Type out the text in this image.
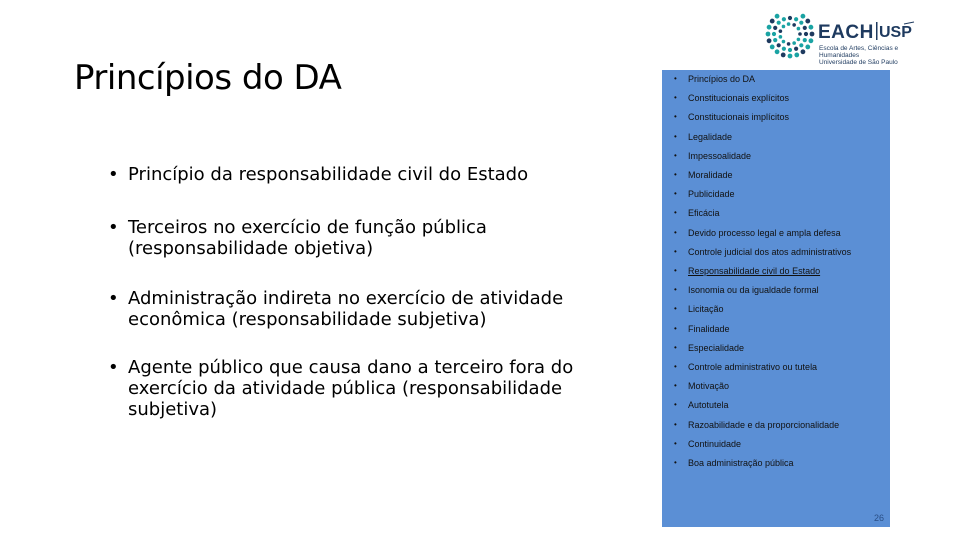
Princípios do DA
• Princípio da responsabilidade civil do Estado
• Terceiros no exercício de função pública
(responsabilidade objetiva)
• Administração indireta no exercício de atividade
econômica (responsabilidade subjetiva)
• Agente público que causa dano a terceiro fora do
exercício da atividade pública (responsabilidade
subjetiva)
• Princípios do DA
• Constitucionais explícitos
• Constitucionais implícitos
• Legalidade
• Impessoalidade
• Moralidade
• Publicidade
• Eficácia
• Devido processo legal e ampla defesa
• Controle judicial dos atos administrativos
• Responsabilidade civil do Estado
• Isonomia ou da igualdade formal
• Licitação
• Finalidade
• Especialidade
• Controle administrativo ou tutela
• Motivação
• Autotutela
• Razoabilidade e da proporcionalidade
• Continuidade
• Boa administração pública
26
EACH USP
Escola de Artes, Ciências e Humanidades
Universidade de São Paulo
